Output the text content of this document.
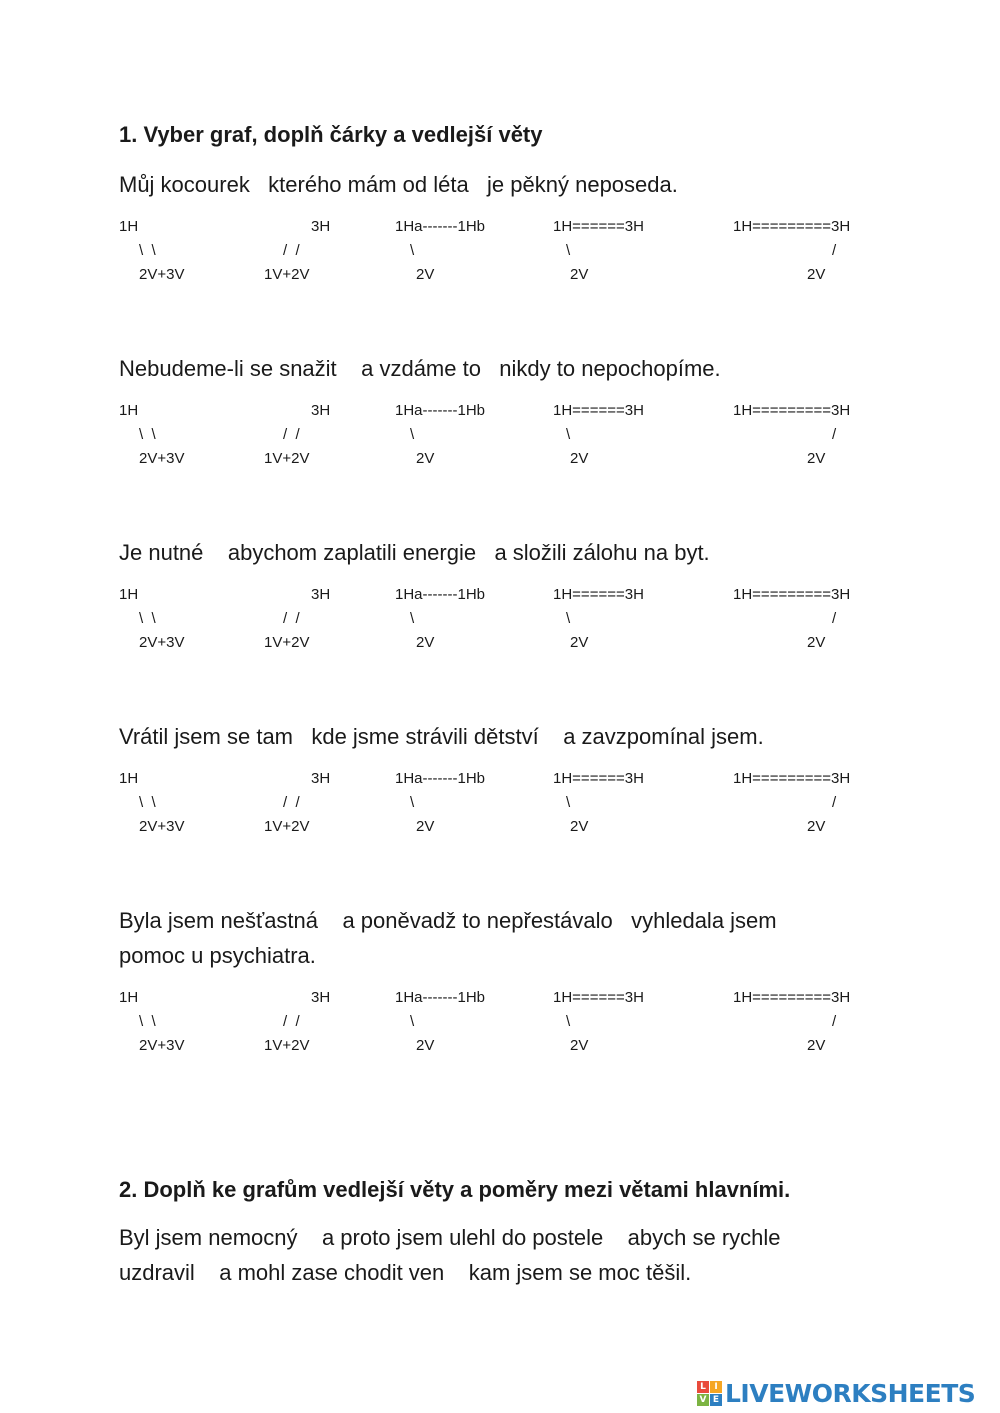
1. Vyber graf, doplň čárky a vedlejší věty

Můj kocourek   kterého mám od léta   je pěkný neposeda.

1H	3H
\  \	/  /
2V+3V	1V+2V
1Ha-------1Hb
\
2V
1H======3H
\
2V
1H=========3H
/
2V

Nebudeme-li se snažit    a vzdáme to   nikdy to nepochopíme.

1H	3H
\  \	/  /
2V+3V	1V+2V
1Ha-------1Hb
\
2V
1H======3H
\
2V
1H=========3H
/
2V

Je nutné    abychom zaplatili energie   a složili zálohu na byt.

1H	3H
\  \	/  /
2V+3V	1V+2V
1Ha-------1Hb
\
2V
1H======3H
\
2V
1H=========3H
/
2V

Vrátil jsem se tam   kde jsme strávili dětství    a zavzpomínal jsem.

1H	3H
\  \	/  /
2V+3V	1V+2V
1Ha-------1Hb
\
2V
1H======3H
\
2V
1H=========3H
/
2V

Byla jsem nešťastná    a poněvadž to nepřestávalo   vyhledala jsem
pomoc u psychiatra.

1H	3H
\  \	/  /
2V+3V	1V+2V
1Ha-------1Hb
\
2V
1H======3H
\
2V
1H=========3H
/
2V
2. Doplň ke grafům vedlejší věty a poměry mezi větami hlavními.

Byl jsem nemocný    a proto jsem ulehl do postele    abych se rychle
uzdravil    a mohl zase chodit ven    kam jsem se moc těšil.

L I
V E LIVEWORKSHEETS
